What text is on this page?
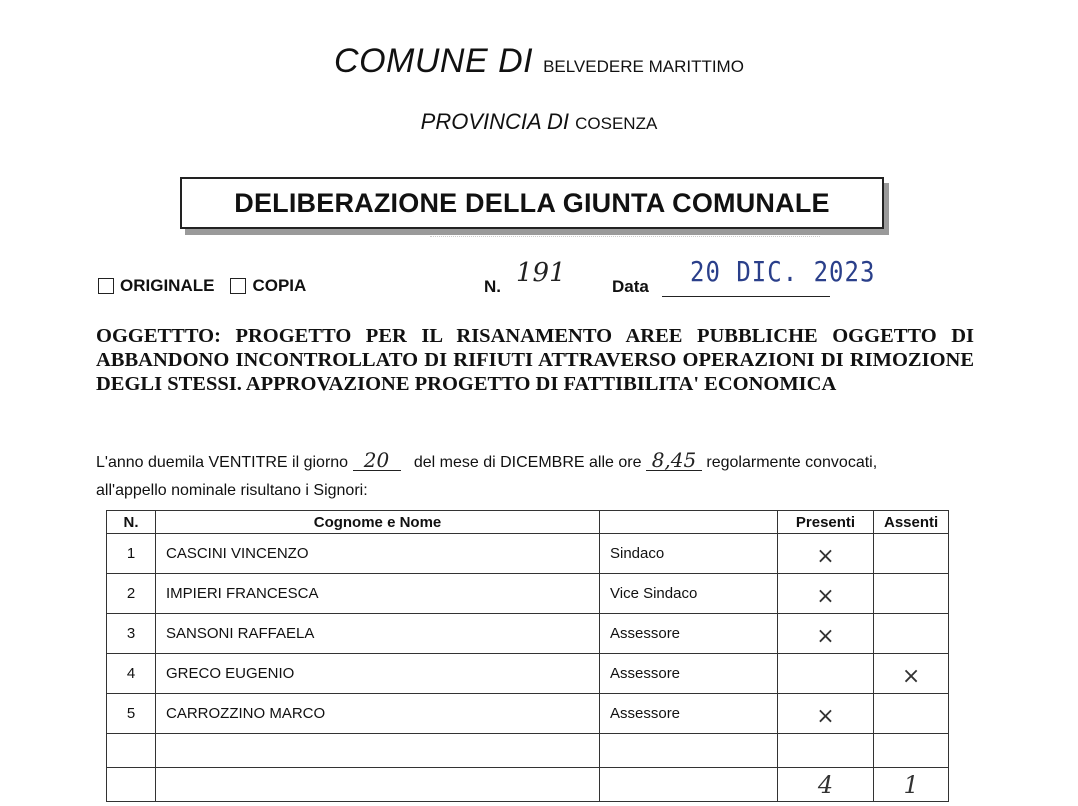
COMUNE DI BELVEDERE MARITTIMO
PROVINCIA DI COSENZA
DELIBERAZIONE DELLA GIUNTA COMUNALE
ORIGINALE COPIA	N. 191	Data 20 DIC. 2023
OGGETTTO: PROGETTO PER IL RISANAMENTO AREE PUBBLICHE OGGETTO DI ABBANDONO INCONTROLLATO DI RIFIUTI ATTRAVERSO OPERAZIONI DI RIMOZIONE DEGLI STESSI. APPROVAZIONE PROGETTO DI FATTIBILITA' ECONOMICA
L'anno duemila VENTITRE il giorno 20 del mese di DICEMBRE alle ore 8,45 regolarmente convocati,
all'appello nominale risultano i Signori:
N.	Cognome e Nome		Presenti	Assenti
1	CASCINI VINCENZO	Sindaco	×	
2	IMPIERI FRANCESCA	Vice Sindaco	×	
3	SANSONI RAFFAELA	Assessore	×	
4	GRECO EUGENIO	Assessore		×
5	CARROZZINO MARCO	Assessore	×	

			4	1
